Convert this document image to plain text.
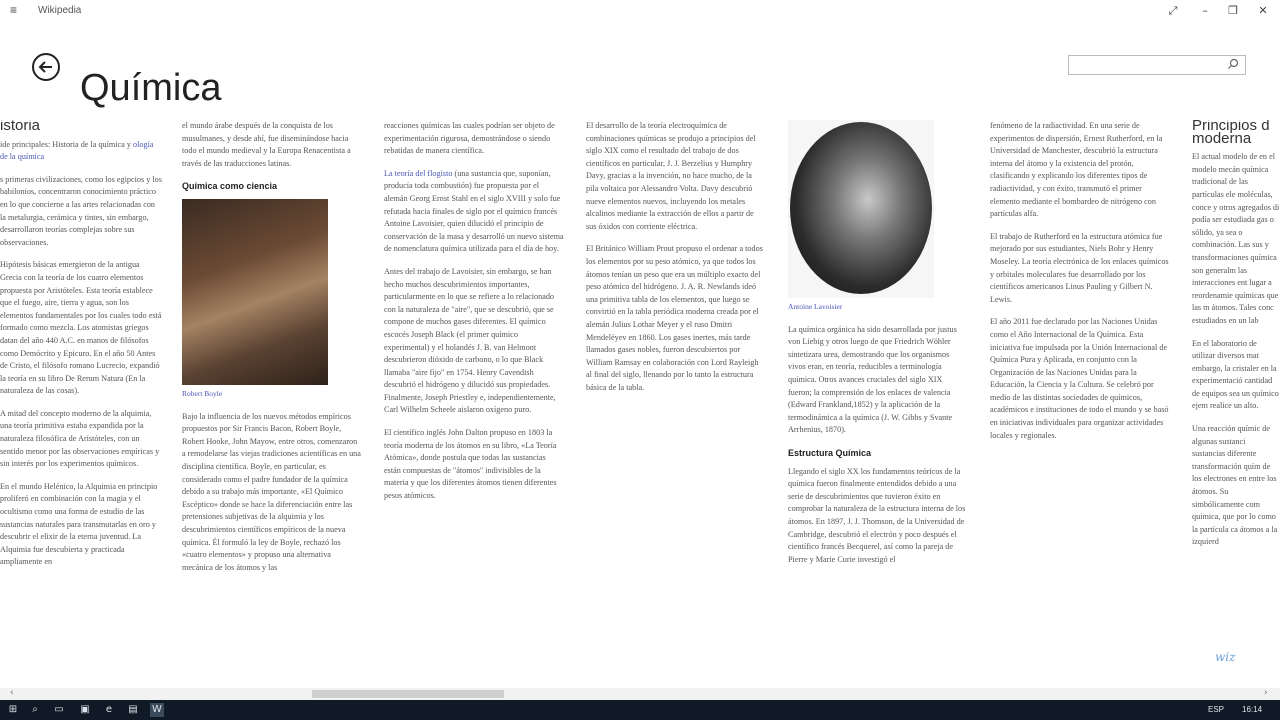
≡ Wikipedia	⤢	–	❐	✕
Química
istoria

ide principales: Historia de la química y ología de la química

s primeras civilizaciones, como los egipcios y los babilonios, concentraron conocimiento práctico en lo que concierne a las artes relacionadas con la metalurgia, cerámica y tintes, sin embargo, desarrollaron teorías complejas sobre sus observaciones.

Hipótesis básicas emergieron de la antigua Grecia con la teoría de los cuatro elementos propuesta por Aristóteles. Esta teoría establece que el fuego, aire, tierra y agua, son los elementos fundamentales por los cuales todo está formado como mezcla. Los atomistas griegos datan del año 440 A.C. en manos de filósofos como Demócrito y Epicuro. En el año 50 Antes de Cristo, el filósofo romano Lucrecio, expandió la teoría en su libro De Rerum Natura (En la naturaleza de las cosas).

A mitad del concepto moderno de la alquimia, una teoría primitiva estaba expandida por la naturaleza filosófica de Aristóteles, con un sentido menor por las observaciones empíricas y sin interés por los experimentos químicos.

En el mundo Helénico, la Alquimia en principio proliferó en combinación con la magia y el ocultismo como una forma de estudio de las sustancias naturales para transmutarlas en oro y descubrir el elixir de la eterna juventud. La Alquimia fue descubierta y practicada ampliamente en

el mundo árabe después de la conquista de los musulmanes, y desde ahí, fue diseminándose hacia todo el mundo medieval y la Europa Renacentista a través de las traducciones latinas.

Química como ciencia
Robert Boyle

Bajo la influencia de los nuevos métodos empíricos propuestos por Sir Francis Bacon, Robert Boyle, Robert Hooke, John Mayow, entre otros, comenzaron a remodelarse las viejas tradiciones acientíficas en una disciplina científica. Boyle, en particular, es considerado como el padre fundador de la química debido a su trabajo más importante, «El Químico Escéptico» donde se hace la diferenciación entre las pretensiones subjetivas de la alquimia y los descubrimientos científicos empíricos de la nueva química. Él formuló la ley de Boyle, rechazó los «cuatro elementos» y propuso una alternativa mecánica de los átomos y las

reacciones químicas las cuales podrían ser objeto de experimentación rigurosa, demostrándose o siendo rebatidas de manera científica.

La teoría del flogisto (una sustancia que, suponían, producía toda combustión) fue propuesta por el alemán Georg Ernst Stahl en el siglo XVIII y solo fue refutada hacia finales de siglo por el químico francés Antoine Lavoisier, quien dilucidó el principio de conservación de la masa y desarrolló un nuevo sistema de nomenclatura química utilizada para el día de hoy.

Antes del trabajo de Lavoisier, sin embargo, se han hecho muchos descubrimientos importantes, particularmente en lo que se refiere a lo relacionado con la naturaleza de "aire", que se descubrió, que se compone de muchos gases diferentes. El químico escocés Joseph Black (el primer químico experimental) y el holandés J. B. van Helmont descubrieron dióxido de carbono, o lo que Black llamaba "aire fijo" en 1754. Henry Cavendish descubrió el hidrógeno y dilucidó sus propiedades. Finalmente, Joseph Priestley e, independientemente, Carl Wilhelm Scheele aislaron oxígeno puro.

El científico inglés John Dalton propuso en 1803 la teoría moderna de los átomos en su libro, «La Teoría Atómica», donde postula que todas las sustancias están compuestas de "átomos" indivisibles de la materia y que los diferentes átomos tienen diferentes pesos atómicos.

El desarrollo de la teoría electroquímica de combinaciones químicas se produjo a principios del siglo XIX como el resultado del trabajo de dos científicos en particular, J. J. Berzelius y Humphry Davy, gracias a la invención, no hace mucho, de la pila voltaica por Alessandro Volta. Davy descubrió nueve elementos nuevos, incluyendo los metales alcalinos mediante la extracción de ellos a partir de sus óxidos con corriente eléctrica.

El Británico William Prout propuso el ordenar a todos los elementos por su peso atómico, ya que todos los átomos tenían un peso que era un múltiplo exacto del peso atómico del hidrógeno. J. A. R. Newlands ideó una primitiva tabla de los elementos, que luego se convirtió en la tabla periódica moderna creada por el alemán Julius Lothar Meyer y el ruso Dmitri Mendeléyev en 1860. Los gases inertes, más tarde llamados gases nobles, fueron descubiertos por William Ramsay en colaboración con Lord Rayleigh al final del siglo, llenando por lo tanto la estructura básica de la tabla.

Antoine Lavoisier

La química orgánica ha sido desarrollada por justus von Liebig y otros luego de que Friedrich Wöhler sintetizara urea, demostrando que los organismos vivos eran, en teoría, reducibles a terminología química. Otros avances cruciales del siglo XIX fueron; la comprensión de los enlaces de valencia (Edward Frankland,1852) y la aplicación de la termodinámica a la química (J. W. Gibbs y Svante Arrhenius, 1870).

Estructura Química

Llegando el siglo XX los fundamentos teóricos de la química fueron finalmente entendidos debido a una serie de descubrimientos que tuvieron éxito en comprobar la naturaleza de la estructura interna de los átomos. En 1897, J. J. Thomson, de la Universidad de Cambridge, descubrió el electrón y poco después el científico francés Becquerel, así como la pareja de Pierre y Marie Curie investigó el

fenómeno de la radiactividad. En una serie de experimentos de dispersión, Ernest Rutherford, en la Universidad de Manchester, descubrió la estructura interna del átomo y la existencia del protón, clasificando y explicando los diferentes tipos de radiactividad, y con éxito, transmutó el primer elemento mediante el bombardeo de nitrógeno con partículas alfa.

El trabajo de Rutherford en la estructura atómica fue mejorado por sus estudiantes, Niels Bohr y Henry Moseley. La teoría electrónica de los enlaces químicos y orbitales moleculares fue desarrollado por los científicos americanos Linus Pauling y Gilbert N. Lewis.

El año 2011 fue declarado por las Naciones Unidas como el Año Internacional de la Química. Esta iniciativa fue impulsada por la Unión Internacional de Química Pura y Aplicada, en conjunto con la Organización de las Naciones Unidas para la Educación, la Ciencia y la Cultura. Se celebró por medio de las distintas sociedades de químicos, académicos e instituciones de todo el mundo y se basó en iniciativas individuales para organizar actividades locales y regionales.

Principios d moderna

El actual modelo de en el modelo mecán química tradicional de las partículas ele moléculas, conce y otros agregados di podía ser estudiada gas o sólido, ya sea o combinación. Las sus y transformaciones química son generalm las interacciones ent lugar a reordenamie químicas que las m átomos. Tales conc estudiados en un lab

En el laboratorio de utilizar diversos mat embargo, la cristaler en la experimentació cantidad de equipos sea un químico ejem realice un alto.

Una reacción químic de algunas sustanci sustancias diferente transformación quím de los electrones en entre los átomos. Su simbólicamente com química, que por lo como la partícula ca átomos a la izquierd

wiz
‹	›
⊞	⌕	▭ ▣	e	▤ W	ESP 16:14
